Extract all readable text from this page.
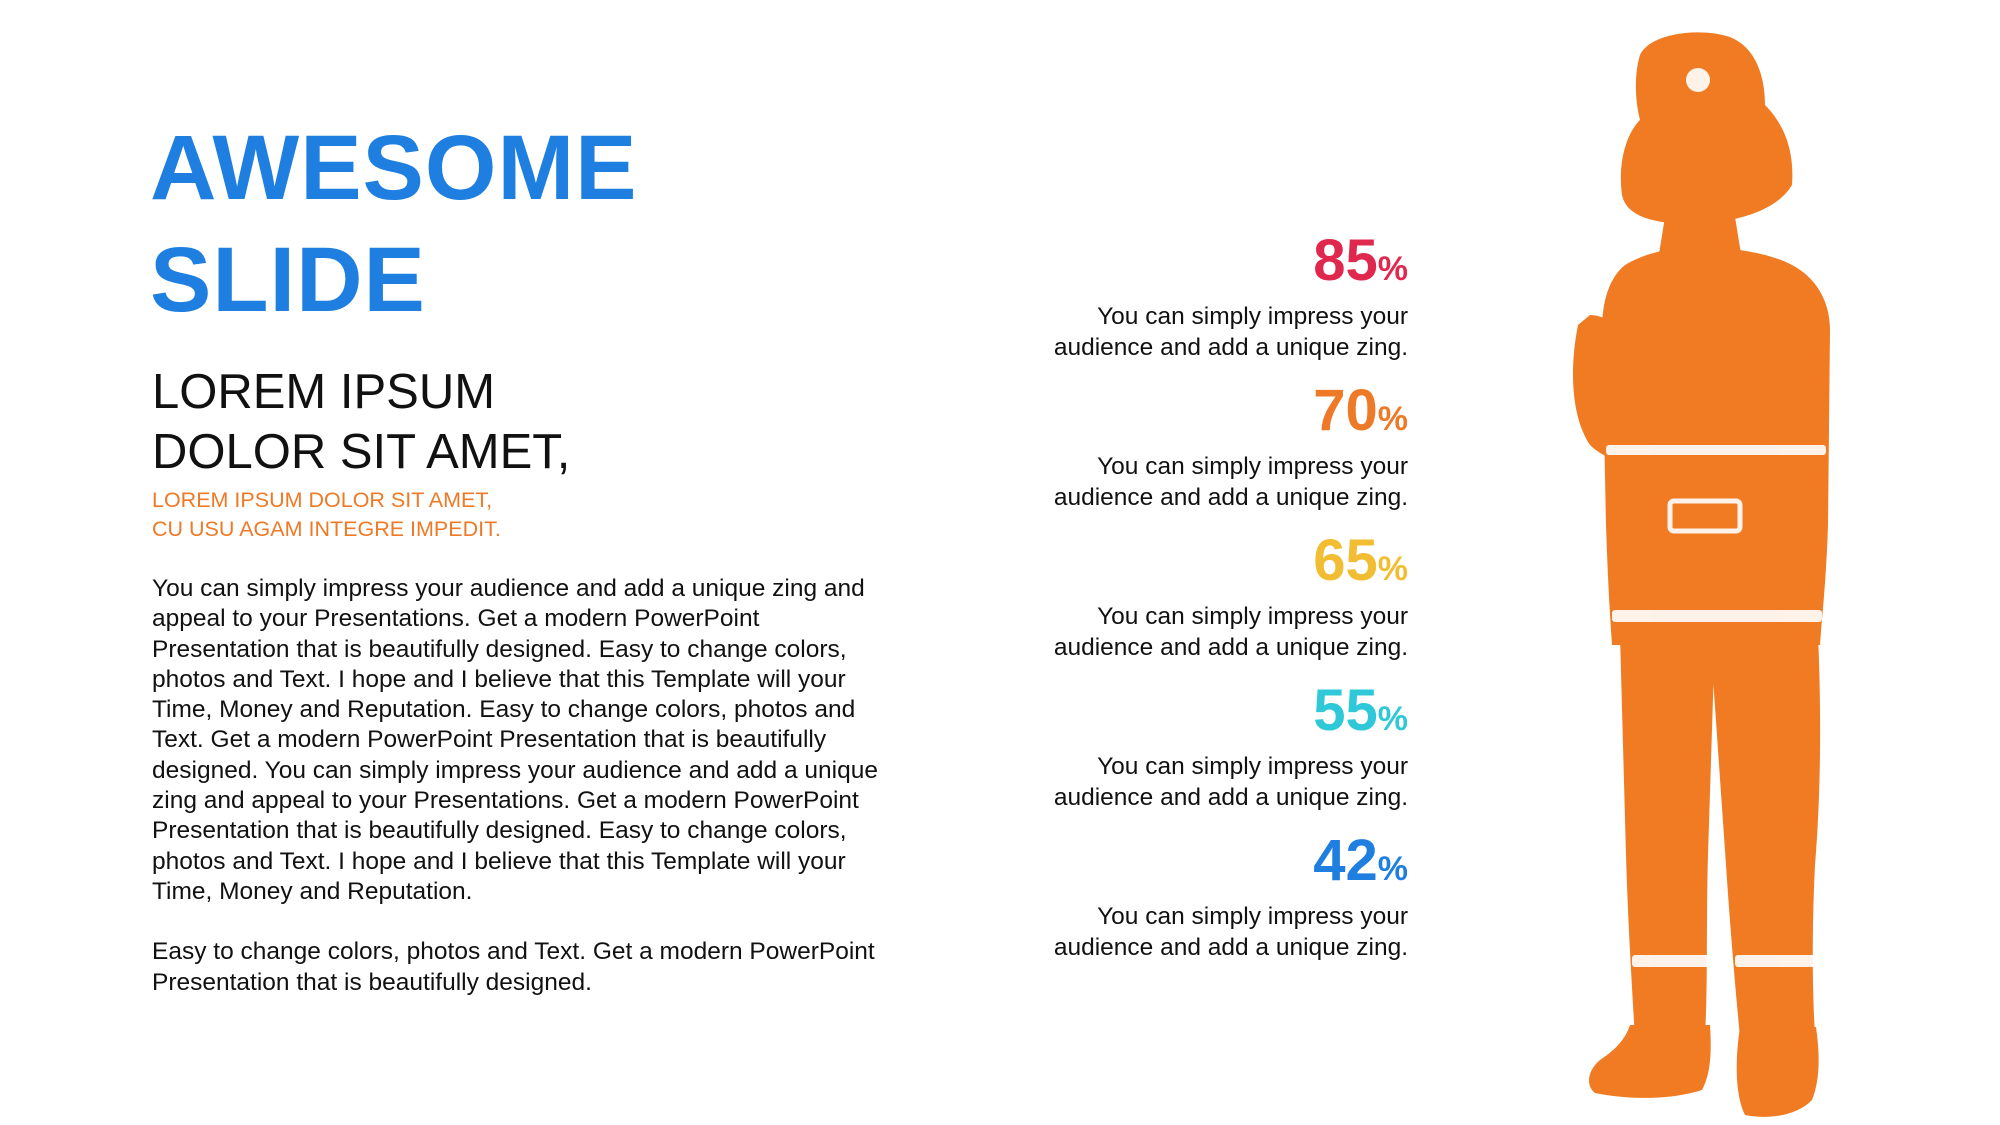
AWESOME
SLIDE
LOREM IPSUM
DOLOR SIT AMET,
LOREM IPSUM DOLOR SIT AMET,
CU USU AGAM INTEGRE IMPEDIT.

You can simply impress your audience and add a unique zing and appeal to your Presentations. Get a modern PowerPoint Presentation that is beautifully designed. Easy to change colors, photos and Text. I hope and I believe that this Template will your Time, Money and Reputation. Easy to change colors, photos and Text. Get a modern PowerPoint Presentation that is beautifully designed. You can simply impress your audience and add a unique zing and appeal to your Presentations. Get a modern PowerPoint Presentation that is beautifully designed. Easy to change colors, photos and Text. I hope and I believe that this Template will your Time, Money and Reputation.

Easy to change colors, photos and Text. Get a modern PowerPoint Presentation that is beautifully designed.

85%
You can simply impress your
audience and add a unique zing.
70%
You can simply impress your
audience and add a unique zing.
65%
You can simply impress your
audience and add a unique zing.
55%
You can simply impress your
audience and add a unique zing.
42%
You can simply impress your
audience and add a unique zing.
